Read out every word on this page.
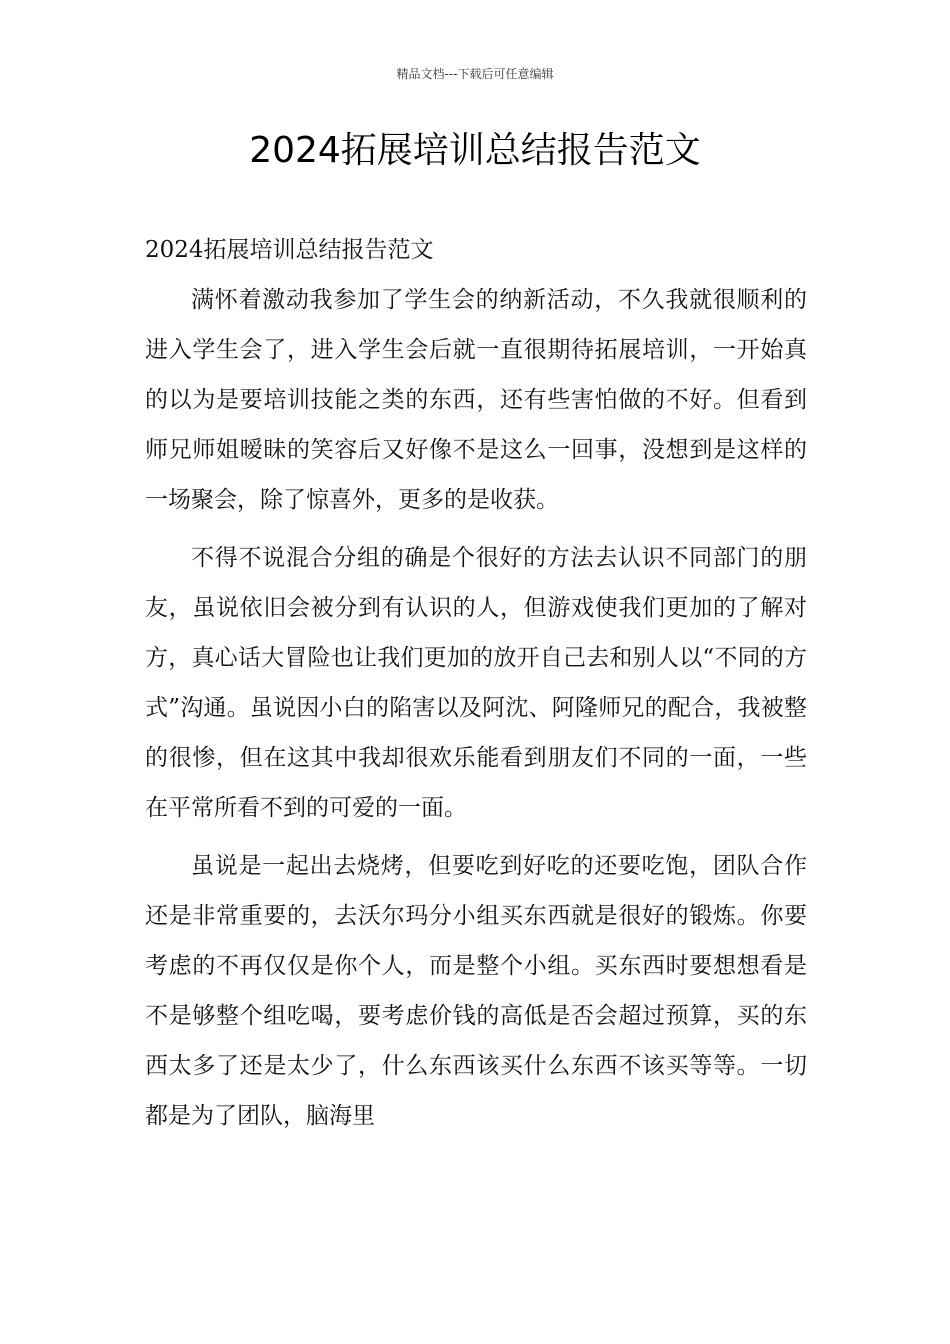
精品文档---下载后可任意编辑
2024拓展培训总结报告范文

2024拓展培训总结报告范文

满怀着激动我参加了学生会的纳新活动，不久我就很顺利的进入学生会了，进入学生会后就一直很期待拓展培训，一开始真的以为是要培训技能之类的东西，还有些害怕做的不好。但看到师兄师姐暧昧的笑容后又好像不是这么一回事，没想到是这样的一场聚会，除了惊喜外，更多的是收获。

不得不说混合分组的确是个很好的方法去认识不同部门的朋友，虽说依旧会被分到有认识的人，但游戏使我们更加的了解对方，真心话大冒险也让我们更加的放开自己去和别人以“不同的方式”沟通。虽说因小白的陷害以及阿沈、阿隆师兄的配合，我被整的很惨，但在这其中我却很欢乐能看到朋友们不同的一面，一些在平常所看不到的可爱的一面。

虽说是一起出去烧烤，但要吃到好吃的还要吃饱，团队合作还是非常重要的，去沃尔玛分小组买东西就是很好的锻炼。你要考虑的不再仅仅是你个人，而是整个小组。买东西时要想想看是不是够整个组吃喝，要考虑价钱的高低是否会超过预算，买的东西太多了还是太少了，什么东西该买什么东西不该买等等。一切都是为了团队，脑海里
